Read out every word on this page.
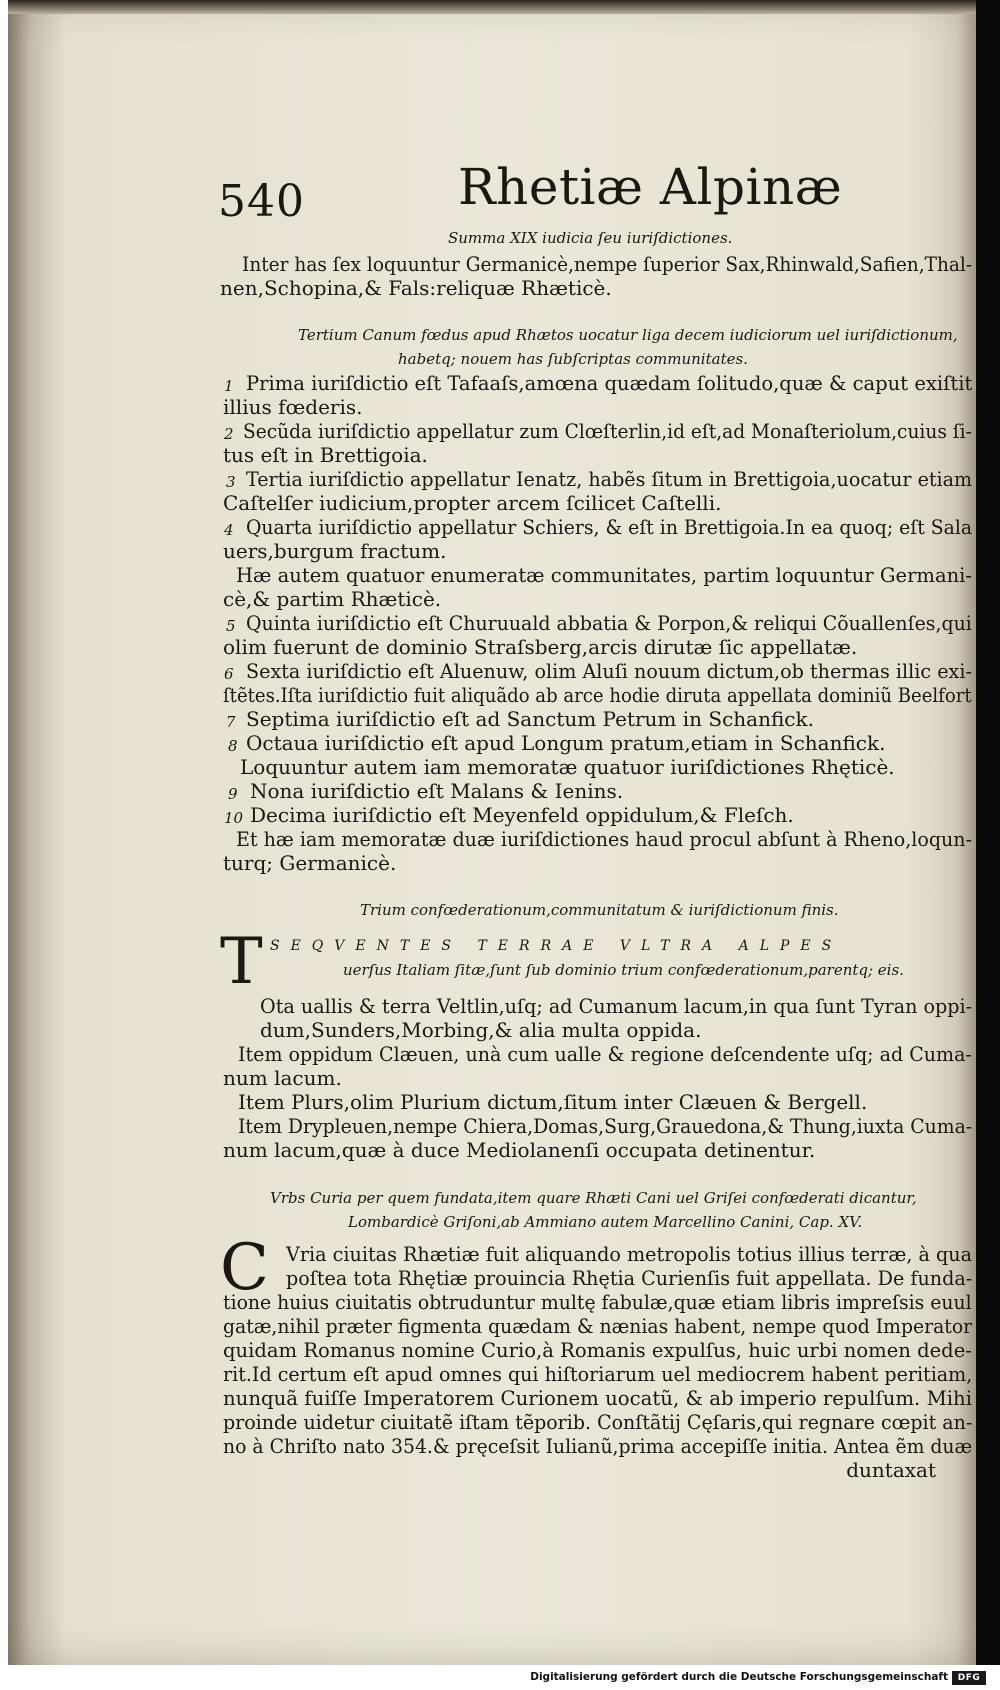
540	Rhetiæ Alpinæ
T
C
Summa XIX iudicia ſeu iuriſdictiones.
Inter has ſex loquuntur Germanicè,nempe ſuperior Sax,Rhinwald,Safien,Thal-
nen,Schopina,& Fals:reliquæ Rhæticè.
Tertium Canum fœdus apud Rhætos uocatur liga decem iudiciorum uel iuriſdictionum,
habetq; nouem has ſubſcriptas communitates.
Prima iuriſdictio eſt Tafaaſs,amœna quædam ſolitudo,quæ & caput exiſtit
1
illius fœderis.
Secũda iuriſdictio appellatur zum Clœſterlin,id eſt,ad Monaſteriolum,cuius ſi-
2
tus eſt in Brettigoia.
Tertia iuriſdictio appellatur Ienatz, habẽs ſitum in Brettigoia,uocatur etiam
3
Caſtelſer iudicium,propter arcem ſcilicet Caſtelli.
Quarta iuriſdictio appellatur Schiers, & eſt in Brettigoia.In ea quoq; eſt Sala
4
uers,burgum fractum.
Hæ autem quatuor enumeratæ communitates, partim loquuntur Germani-
cè,& partim Rhæticè.
Quinta iuriſdictio eſt Churuuald abbatia & Porpon,& reliqui Cõuallenſes,qui
5
olim fuerunt de dominio Straſsberg,arcis dirutæ ſic appellatæ.
Sexta iuriſdictio eſt Aluenuw, olim Aluſi nouum dictum,ob thermas illic exi-
6
ſtẽtes.Iſta iuriſdictio fuit aliquãdo ab arce hodie diruta appellata dominiũ Beelfort
Septima iuriſdictio eſt ad Sanctum Petrum in Schanfick.
7
Octaua iuriſdictio eſt apud Longum pratum,etiam in Schanfick.
8
Loquuntur autem iam memoratæ quatuor iuriſdictiones Rhęticè.
Nona iuriſdictio eſt Malans & Ienins.
9
Decima iuriſdictio eſt Meyenfeld oppidulum,& Fleſch.
10
Et hæ iam memoratæ duæ iuriſdictiones haud procul abſunt à Rheno,loqun-
turq; Germanicè.
Trium confœderationum,communitatum & iuriſdictionum finis.
SEQVENTES TERRAE VLTRA ALPES
uerſus Italiam ſitæ,ſunt ſub dominio trium confœderationum,parentq; eis.
Ota uallis & terra Veltlin,uſq; ad Cumanum lacum,in qua ſunt Tyran oppi-
dum,Sunders,Morbing,& alia multa oppida.
Item oppidum Clæuen, unà cum ualle & regione deſcendente uſq; ad Cuma-
num lacum.
Item Plurs,olim Plurium dictum,ſitum inter Clæuen & Bergell.
Item Drypleuen,nempe Chiera,Domas,Surg,Grauedona,& Thung,iuxta Cuma-
num lacum,quæ à duce Mediolanenſi occupata detinentur.
Vrbs Curia per quem fundata,item quare Rhæti Cani uel Griſei confœderati dicantur,
Lombardicè Griſoni,ab Ammiano autem Marcellino Canini, Cap. XV.
Vria ciuitas Rhætiæ fuit aliquando metropolis totius illius terræ, à qua
poſtea tota Rhętiæ prouincia Rhętia Curienſis fuit appellata. De funda-
tione huius ciuitatis obtruduntur multę fabulæ,quæ etiam libris impreſsis euul
gatæ,nihil præter figmenta quædam & nænias habent, nempe quod Imperator
quidam Romanus nomine Curio,à Romanis expulſus, huic urbi nomen dede-
rit.Id certum eſt apud omnes qui hiſtoriarum uel mediocrem habent peritiam,
nunquã fuiſſe Imperatorem Curionem uocatũ, & ab imperio repulſum. Mihi
proinde uidetur ciuitatẽ iſtam tẽporib. Conſtãtij Cęſaris,qui regnare cœpit an-
no à Chriſto nato 354.& pręceſsit Iulianũ,prima accepiſſe initia. Antea ẽm duæ
duntaxat
Digitalisierung gefördert durch die Deutsche Forschungsgemeinschaft	DFG
